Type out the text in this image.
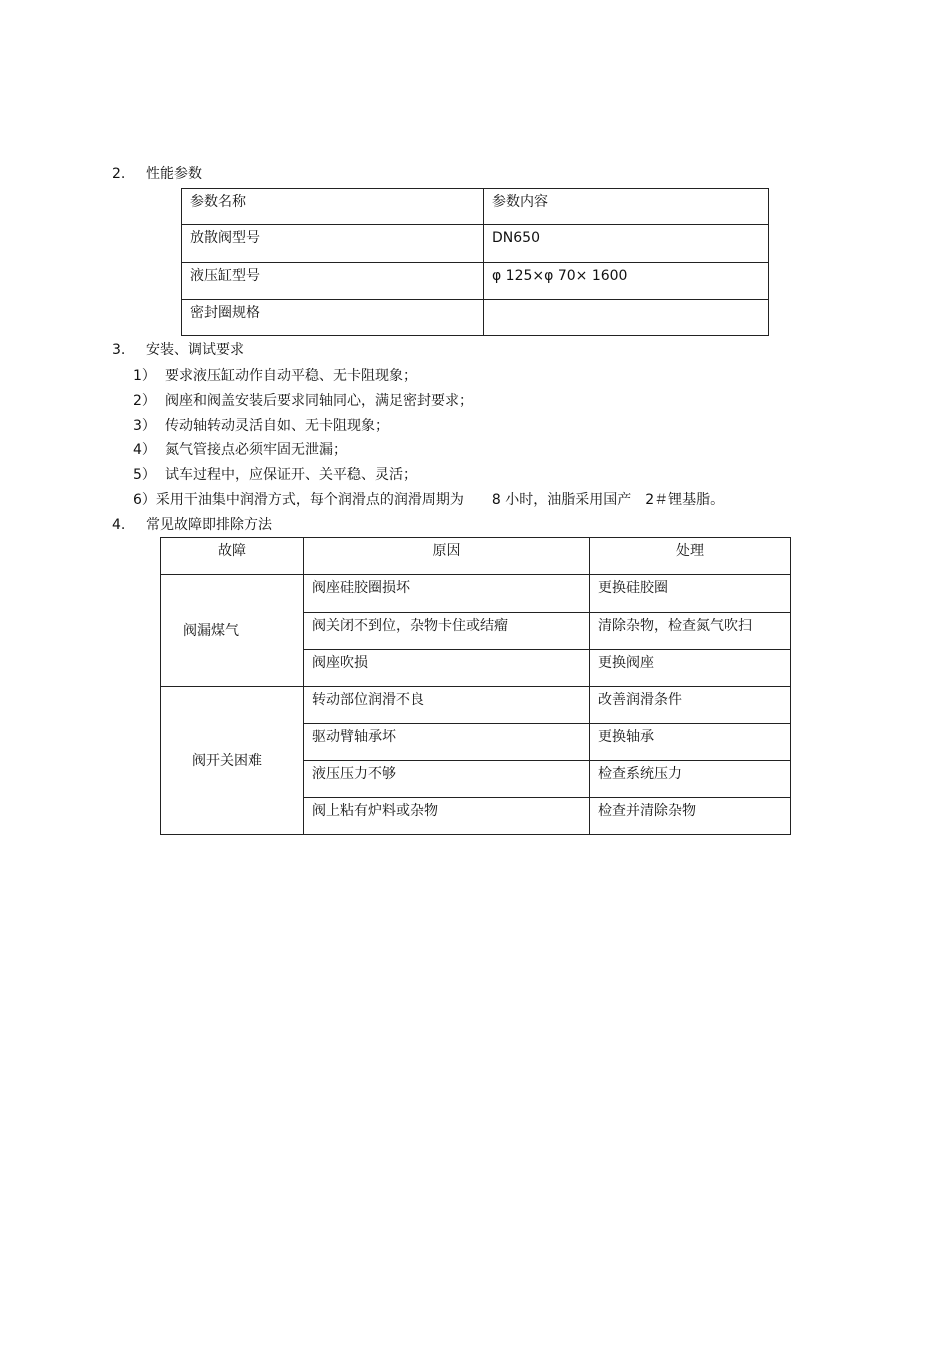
2. 性能参数
参数名称	参数内容
放散阀型号	DN650
液压缸型号	φ 125×φ 70× 1600
密封圈规格	
3. 安装、调试要求
1） 要求液压缸动作自动平稳、无卡阻现象；
2） 阀座和阀盖安装后要求同轴同心，满足密封要求；
3） 传动轴转动灵活自如、无卡阻现象；
4） 氮气管接点必须牢固无泄漏；
5） 试车过程中，应保证开、关平稳、灵活；
6）采用干油集中润滑方式，每个润滑点的润滑周期为　　8 小时，油脂采用国产　2＃锂基脂。
4. 常见故障即排除方法
故障	原因	处理
阀漏煤气	阀座硅胶圈损坏	更换硅胶圈
	阀关闭不到位，杂物卡住或结瘤	清除杂物，检查氮气吹扫
	阀座吹损	更换阀座
阀开关困难	转动部位润滑不良	改善润滑条件
	驱动臂轴承坏	更换轴承
	液压压力不够	检查系统压力
	阀上粘有炉料或杂物	检查并清除杂物
